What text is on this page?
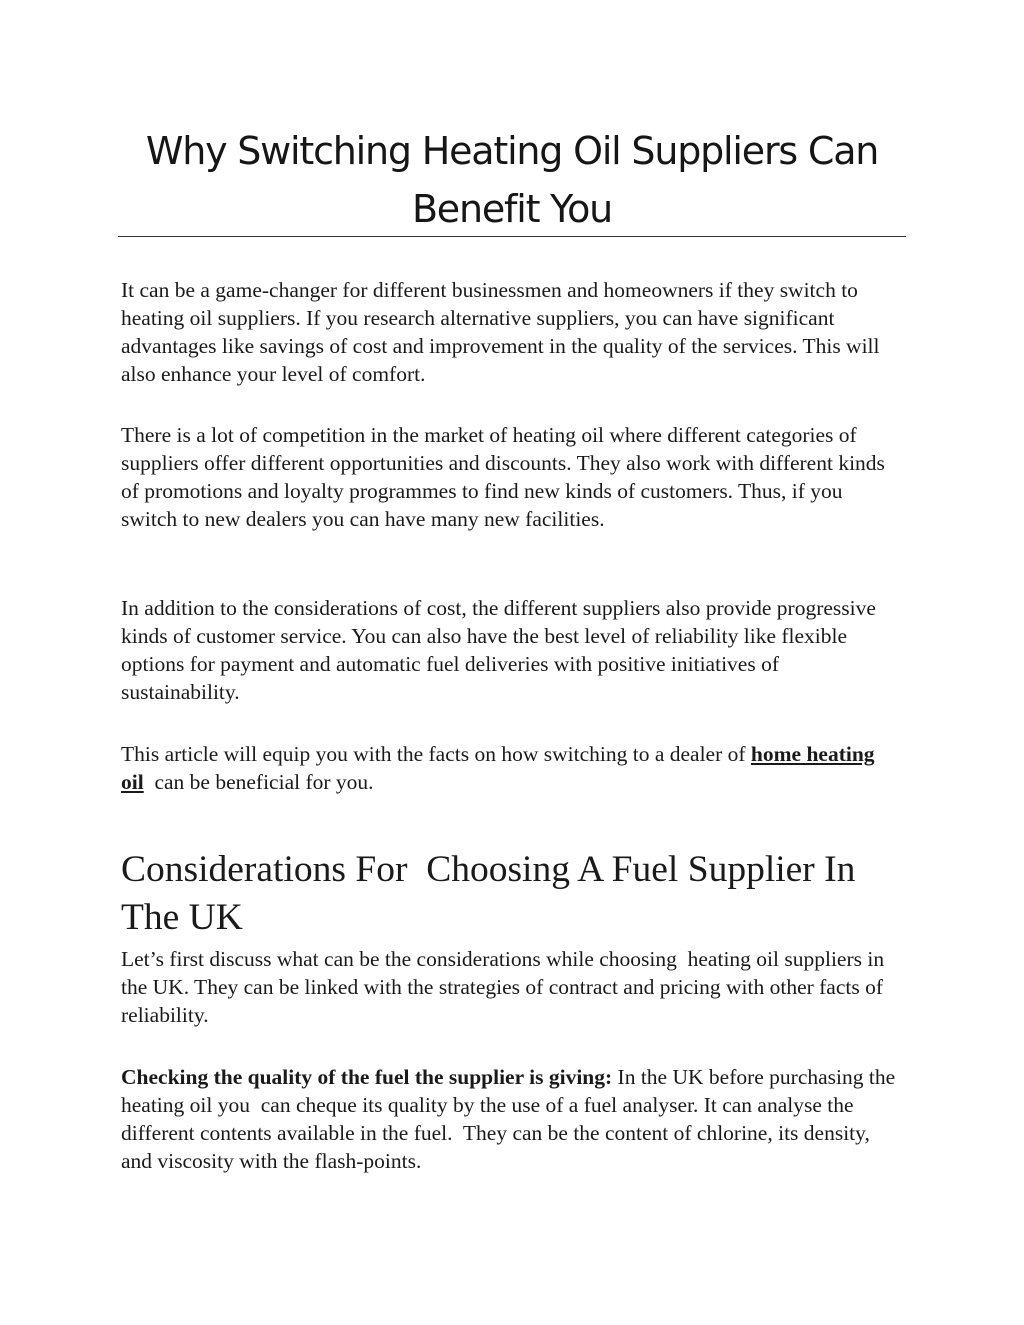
Why Switching Heating Oil Suppliers Can Benefit You

It can be a game-changer for different businessmen and homeowners if they switch to heating oil suppliers. If you research alternative suppliers, you can have significant advantages like savings of cost and improvement in the quality of the services. This will also enhance your level of comfort.

There is a lot of competition in the market of heating oil where different categories of suppliers offer different opportunities and discounts. They also work with different kinds of promotions and loyalty programmes to find new kinds of customers. Thus, if you switch to new dealers you can have many new facilities.

In addition to the considerations of cost, the different suppliers also provide progressive kinds of customer service. You can also have the best level of reliability like flexible options for payment and automatic fuel deliveries with positive initiatives of sustainability.

This article will equip you with the facts on how switching to a dealer of home heating oil  can be beneficial for you.

Considerations For  Choosing A Fuel Supplier In The UK

Let’s first discuss what can be the considerations while choosing  heating oil suppliers in the UK. They can be linked with the strategies of contract and pricing with other facts of reliability.

Checking the quality of the fuel the supplier is giving: In the UK before purchasing the heating oil you  can cheque its quality by the use of a fuel analyser. It can analyse the different contents available in the fuel.  They can be the content of chlorine, its density, and viscosity with the flash-points.
